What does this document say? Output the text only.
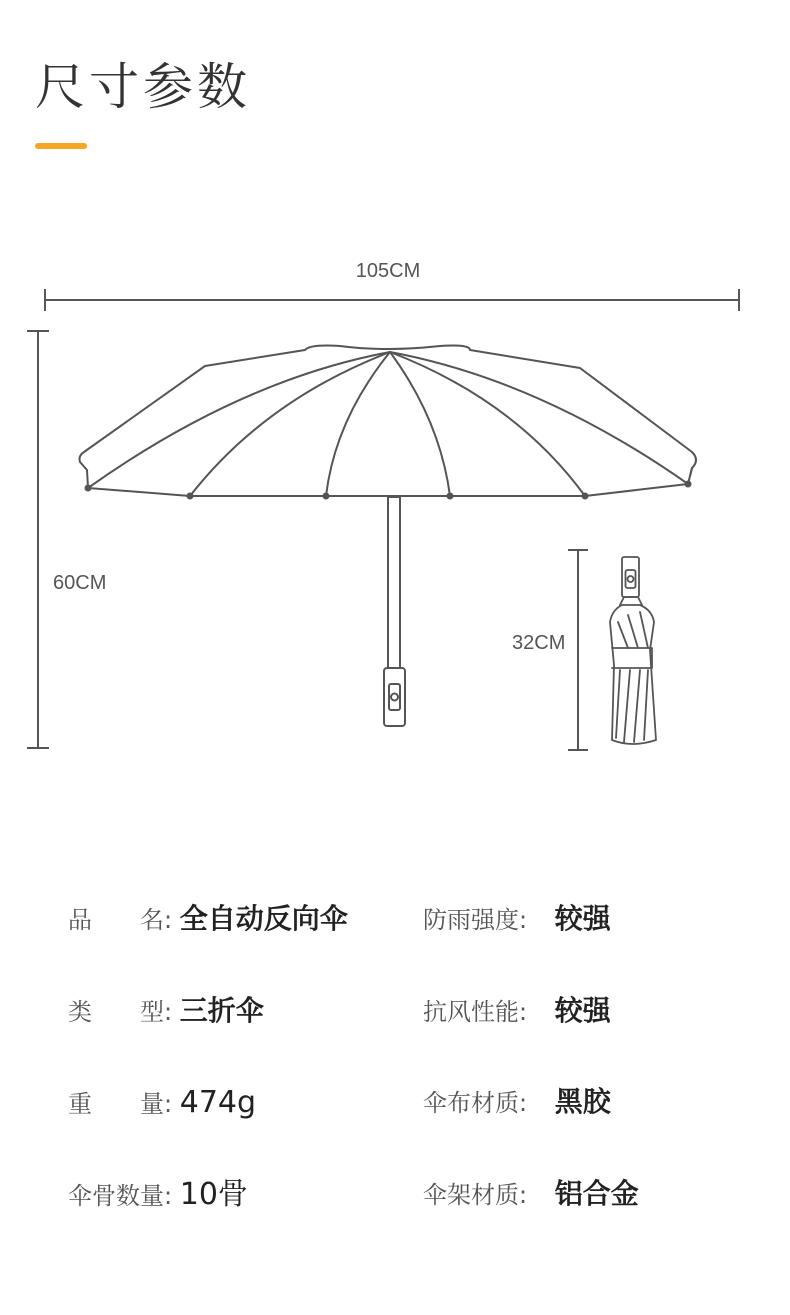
尺寸参数
105CM
60CM
32CM
品　　名: 全自动反向伞	防雨强度: 较强
类　　型: 三折伞	抗风性能: 较强
重　　量: 474g	伞布材质: 黑胶
伞骨数量: 10骨	伞架材质: 铝合金
